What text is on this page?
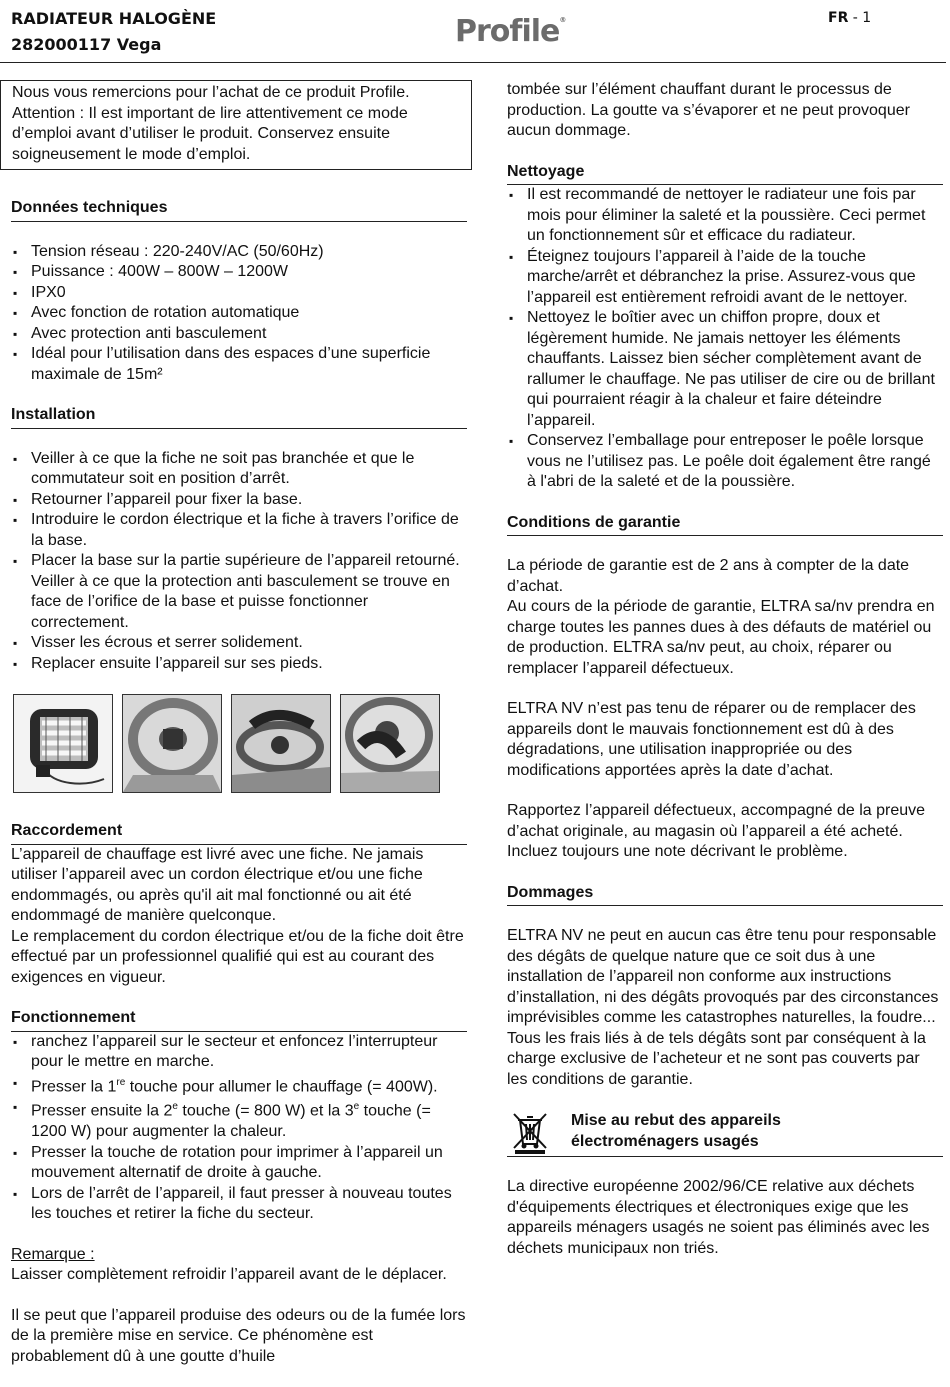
RADIATEUR HALOGÈNE
282000117 Vega	Profile®	FR - 1

Nous vous remercions pour l’achat de ce produit Profile. Attention : Il est important de lire attentivement ce mode d’emploi avant d’utiliser le produit. Conservez ensuite soigneusement le mode d’emploi.

Données techniques
▪ Tension réseau : 220-240V/AC (50/60Hz)
▪ Puissance : 400W – 800W – 1200W
▪ IPX0
▪ Avec fonction de rotation automatique
▪ Avec protection anti basculement
▪ Idéal pour l’utilisation dans des espaces d’une superficie maximale de 15m²
Installation
▪ Veiller à ce que la fiche ne soit pas branchée et que le commutateur soit en position d’arrêt.
▪ Retourner l’appareil pour fixer la base.
▪ Introduire le cordon électrique et la fiche à travers l’orifice de la base.
▪ Placer la base sur la partie supérieure de l’appareil retourné. Veiller à ce que la protection anti basculement se trouve en face de l’orifice de la base et puisse fonctionner correctement.
▪ Visser les écrous et serrer solidement.
▪ Replacer ensuite l’appareil sur ses pieds.
Raccordement

L’appareil de chauffage est livré avec une fiche. Ne jamais utiliser l’appareil avec un cordon électrique et/ou une fiche endommagés, ou après qu'il ait mal fonctionné ou ait été endommagé de manière quelconque.

Le remplacement du cordon électrique et/ou de la fiche doit être effectué par un professionnel qualifié qui est au courant des exigences en vigueur.

Fonctionnement
▪ ranchez l’appareil sur le secteur et enfoncez l’interrupteur pour le mettre en marche.
▪ Presser la 1re touche pour allumer le chauffage (= 400W).
▪ Presser ensuite la 2e touche (= 800 W) et la 3e touche (= 1200 W) pour augmenter la chaleur.
▪ Presser la touche de rotation pour imprimer à l’appareil un mouvement alternatif de droite à gauche.
▪ Lors de l’arrêt de l’appareil, il faut presser à nouveau toutes les touches et retirer la fiche du secteur.

Remarque :

Laisser complètement refroidir l’appareil avant de le déplacer.

Il se peut que l’appareil produise des odeurs ou de la fumée lors de la première mise en service. Ce phénomène est probablement dû à une goutte d’huile

tombée sur l’élément chauffant durant le processus de production. La goutte va s’évaporer et ne peut provoquer aucun dommage.

Nettoyage
▪ Il est recommandé de nettoyer le radiateur une fois par mois pour éliminer la saleté et la poussière. Ceci permet un fonctionnement sûr et efficace du radiateur.
▪ Éteignez toujours l’appareil à l’aide de la touche marche/arrêt et débranchez la prise. Assurez-vous que l’appareil est entièrement refroidi avant de le nettoyer.
▪ Nettoyez le boîtier avec un chiffon propre, doux et légèrement humide. Ne jamais nettoyer les éléments chauffants. Laissez bien sécher complètement avant de rallumer le chauffage. Ne pas utiliser de cire ou de brillant qui pourraient réagir à la chaleur et faire déteindre l’appareil.
▪ Conservez l’emballage pour entreposer le poêle lorsque vous ne l’utilisez pas. Le poêle doit également être rangé à l'abri de la saleté et de la poussière.
Conditions de garantie

La période de garantie est de 2 ans à compter de la date d’achat.

Au cours de la période de garantie, ELTRA sa/nv prendra en charge toutes les pannes dues à des défauts de matériel ou de production. ELTRA sa/nv peut, au choix, réparer ou remplacer l’appareil défectueux.

ELTRA NV n’est pas tenu de réparer ou de remplacer des appareils dont le mauvais fonctionnement est dû à des dégradations, une utilisation inappropriée ou des modifications apportées après la date d’achat.

Rapportez l’appareil défectueux, accompagné de la preuve d’achat originale, au magasin où l’appareil a été acheté.

Incluez toujours une note décrivant le problème.

Dommages

ELTRA NV ne peut en aucun cas être tenu pour responsable des dégâts de quelque nature que ce soit dus à une installation de l’appareil non conforme aux instructions d’installation, ni des dégâts provoqués par des circonstances imprévisibles comme les catastrophes naturelles, la foudre... Tous les frais liés à de tels dégâts sont par conséquent à la charge exclusive de l’acheteur et ne sont pas couverts par les conditions de garantie.

Mise au rebut des appareils
électroménagers usagés

La directive européenne 2002/96/CE relative aux déchets d'équipements électriques et électroniques exige que les appareils ménagers usagés ne soient pas éliminés avec les déchets municipaux non triés.
